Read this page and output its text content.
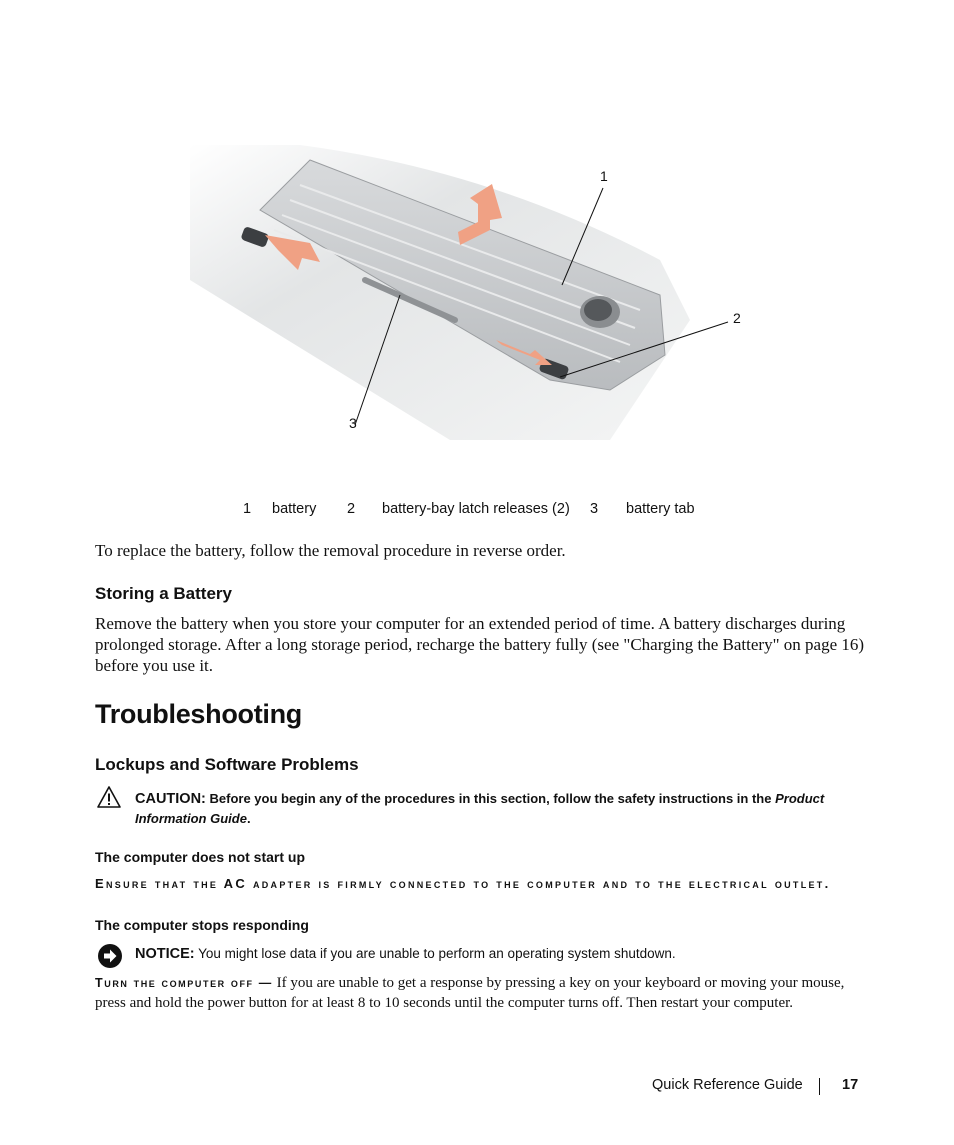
1
2
3
1 battery 2 battery-bay latch releases (2) 3 battery tab

To replace the battery, follow the removal procedure in reverse order.

Storing a Battery

Remove the battery when you store your computer for an extended period of time. A battery discharges during prolonged storage. After a long storage period, recharge the battery fully (see "Charging the Battery" on page 16) before you use it.

Troubleshooting
Lockups and Software Problems
CAUTION: Before you begin any of the procedures in this section, follow the safety instructions in the Product Information Guide.
The computer does not start up
Ensure that the AC adapter is firmly connected to the computer and to the electrical outlet.
The computer stops responding
NOTICE: You might lose data if you are unable to perform an operating system shutdown.

Turn the computer off — If you are unable to get a response by pressing a key on your keyboard or moving your mouse, press and hold the power button for at least 8 to 10 seconds until the computer turns off. Then restart your computer.

Quick Reference Guide	17
